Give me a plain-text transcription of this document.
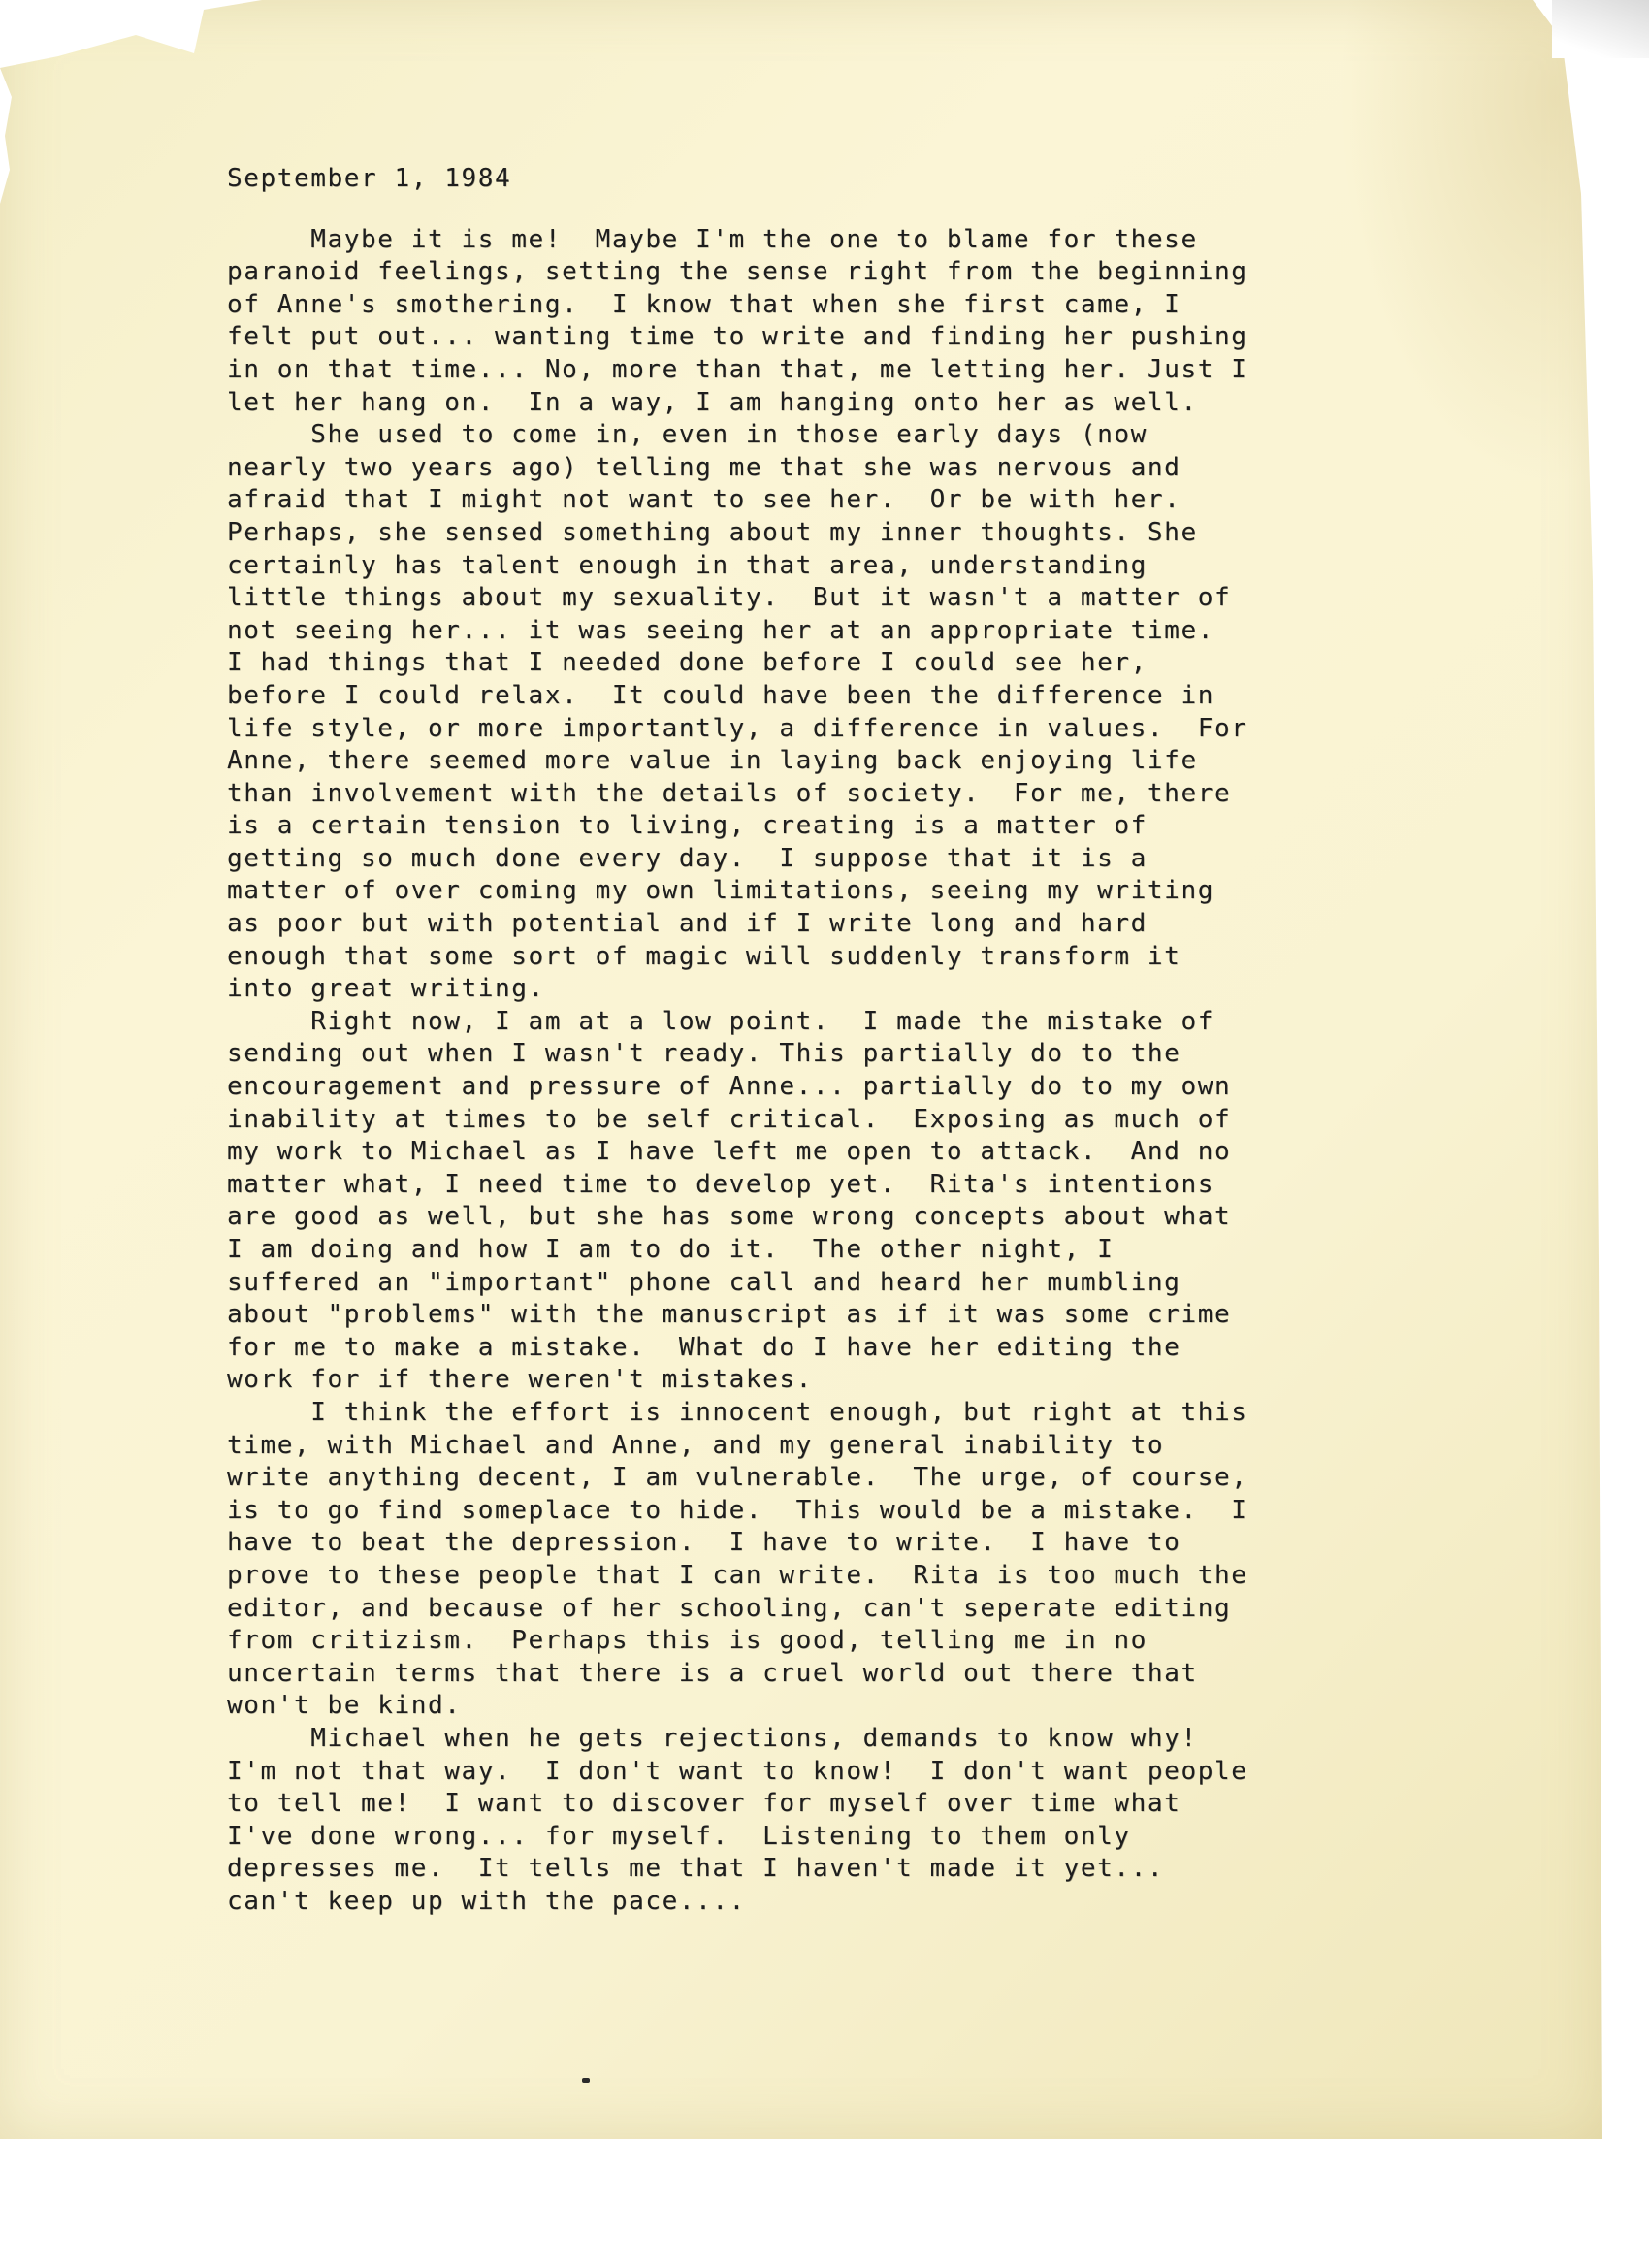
September 1, 1984

Maybe it is me!  Maybe I'm the one to blame for these

paranoid feelings, setting the sense right from the beginning

of Anne's smothering.  I know that when she first came, I

felt put out... wanting time to write and finding her pushing

in on that time... No, more than that, me letting her. Just I

let her hang on.  In a way, I am hanging onto her as well.

She used to come in, even in those early days (now

nearly two years ago) telling me that she was nervous and

afraid that I might not want to see her.  Or be with her.

Perhaps, she sensed something about my inner thoughts. She

certainly has talent enough in that area, understanding

little things about my sexuality.  But it wasn't a matter of

not seeing her... it was seeing her at an appropriate time.

I had things that I needed done before I could see her,

before I could relax.  It could have been the difference in

life style, or more importantly, a difference in values.  For

Anne, there seemed more value in laying back enjoying life

than involvement with the details of society.  For me, there

is a certain tension to living, creating is a matter of

getting so much done every day.  I suppose that it is a

matter of over coming my own limitations, seeing my writing

as poor but with potential and if I write long and hard

enough that some sort of magic will suddenly transform it

into great writing.

Right now, I am at a low point.  I made the mistake of

sending out when I wasn't ready. This partially do to the

encouragement and pressure of Anne... partially do to my own

inability at times to be self critical.  Exposing as much of

my work to Michael as I have left me open to attack.  And no

matter what, I need time to develop yet.  Rita's intentions

are good as well, but she has some wrong concepts about what

I am doing and how I am to do it.  The other night, I

suffered an "important" phone call and heard her mumbling

about "problems" with the manuscript as if it was some crime

for me to make a mistake.  What do I have her editing the

work for if there weren't mistakes.

I think the effort is innocent enough, but right at this

time, with Michael and Anne, and my general inability to

write anything decent, I am vulnerable.  The urge, of course,

is to go find someplace to hide.  This would be a mistake.  I

have to beat the depression.  I have to write.  I have to

prove to these people that I can write.  Rita is too much the

editor, and because of her schooling, can't seperate editing

from critizism.  Perhaps this is good, telling me in no

uncertain terms that there is a cruel world out there that

won't be kind.

Michael when he gets rejections, demands to know why!

I'm not that way.  I don't want to know!  I don't want people

to tell me!  I want to discover for myself over time what

I've done wrong... for myself.  Listening to them only

depresses me.  It tells me that I haven't made it yet...

can't keep up with the pace....
